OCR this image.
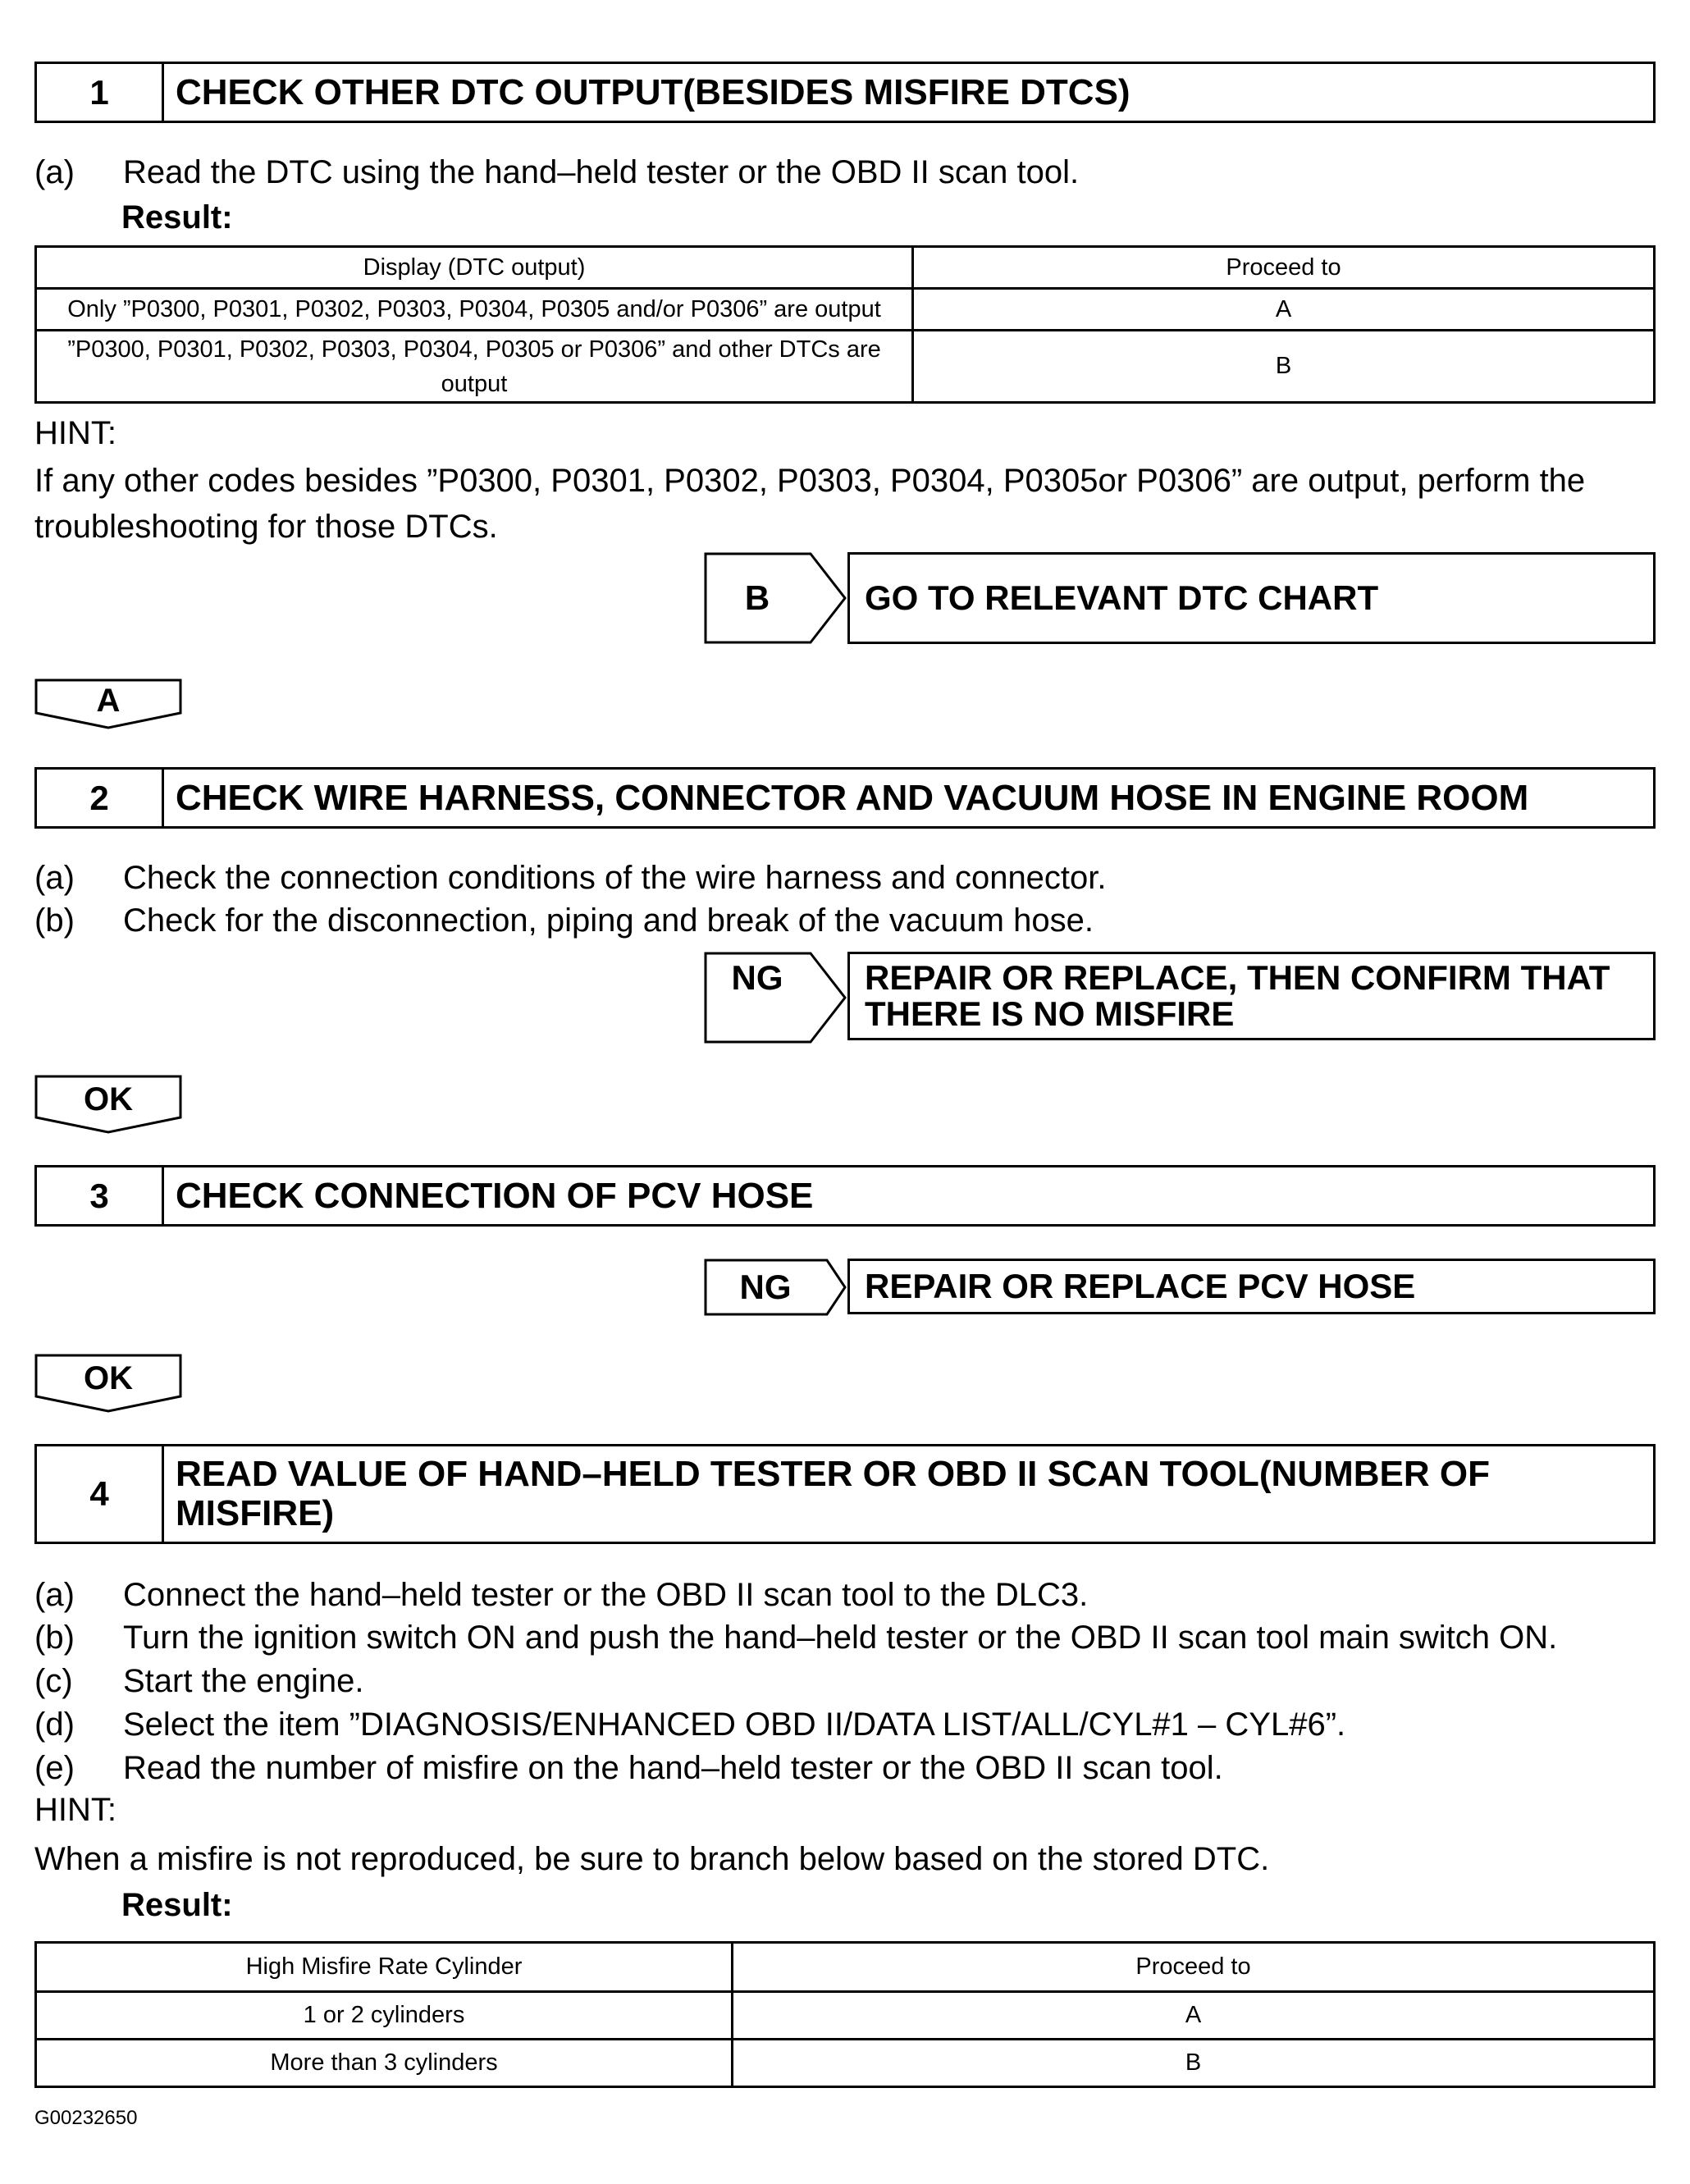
1	CHECK OTHER DTC OUTPUT(BESIDES MISFIRE DTCS)
(a) Read the DTC using the hand–held tester or the OBD II scan tool.
Result:
Display (DTC output)	Proceed to
Only ”P0300, P0301, P0302, P0303, P0304, P0305 and/or P0306” are output	A
”P0300, P0301, P0302, P0303, P0304, P0305 or P0306” and other DTCs are output	B
HINT:
If any other codes besides ”P0300, P0301, P0302, P0303, P0304, P0305or P0306” are output, perform the troubleshooting for those DTCs.
B	GO TO RELEVANT DTC CHART
A
2	CHECK WIRE HARNESS, CONNECTOR AND VACUUM HOSE IN ENGINE ROOM
(a) Check the connection conditions of the wire harness and connector.
(b) Check for the disconnection, piping and break of the vacuum hose.
NG	REPAIR OR REPLACE, THEN CONFIRM THAT
THERE IS NO MISFIRE
OK
3	CHECK CONNECTION OF PCV HOSE
NG	REPAIR OR REPLACE PCV HOSE
OK
4	READ VALUE OF HAND–HELD TESTER OR OBD II SCAN TOOL(NUMBER OF
MISFIRE)
(a) Connect the hand–held tester or the OBD II scan tool to the DLC3.
(b) Turn the ignition switch ON and push the hand–held tester or the OBD II scan tool main switch ON.
(c) Start the engine.
(d) Select the item ”DIAGNOSIS/ENHANCED OBD II/DATA LIST/ALL/CYL#1 – CYL#6”.
(e) Read the number of misfire on the hand–held tester or the OBD II scan tool.
HINT:
When a misfire is not reproduced, be sure to branch below based on the stored DTC.
Result:
High Misfire Rate Cylinder	Proceed to
1 or 2 cylinders	A
More than 3 cylinders	B
G00232650
